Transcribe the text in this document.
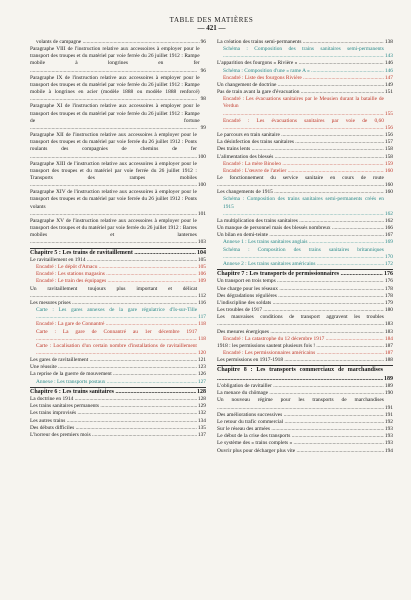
TABLE DES MATIÈRES
— 421 —
volants de campagne .....	96
Paragraphe VIII de l'instruction relative aux accessoires à employer pour le transport des troupes et du matériel par voie ferrée du 26 juillet 1912 : Rampe mobile à longrines en fer .....
96
Paragraphe IX de l'instruction relative aux accessoires à employer pour le transport des troupes et du matériel par voie ferrée du 26 juillet 1912 : Rampe mobile à longrines en acier (modèle 1888 ou modèle 1888 renforcé) .....
98
Paragraphe XI de l'instruction relative aux accessoires à employer pour le transport des troupes et du matériel par voie ferrée du 26 juillet 1912 : Rampe de fortune .....
99
Paragraphe XII de l'instruction relative aux accessoires à employer pour le transport des troupes et du matériel par voie ferrée du 26 juillet 1912 : Ponts roulants des compagnies de chemins de fer .....
100
Paragraphe XIII de l'instruction relative aux accessoires à employer pour le transport des troupes et du matériel par voie ferrée du 26 juillet 1912 : Transports des rampes mobiles .....
100
Paragraphe XIV de l'instruction relative aux accessoires à employer pour le transport des troupes et du matériel par voie ferrée du 26 juillet 1912 : Ponts volants .....
101
Paragraphe XV de l'instruction relative aux accessoires à employer pour le transport des troupes et du matériel par voie ferrée du 26 juillet 1912 : Barres mobiles et lanternes .....
103
Chapitre 5 : Les trains de ravitaillement .....	104
Le ravitaillement en 1914 .....	105
Encadré : Le dépôt d'Amacu .....	105
Encadré : Les stations magasins .....	106
Encadré : Le train des équipages .....	109
Un ravitaillement toujours plus important et délicat .....
112
Les mesures prises .....	116
Carte : Les gares annexes de la gare régulatrice d'Is-sur-Tille .....
117
Encadré : La gare de Connantré .....	118
Carte : La gare de Connantré au 1er décembre 1917 .....
118
Carte : Localisation d'un certain nombre d'installations de ravitaillement .....
120
Les gares de ravitaillement .....	121
Une réussite .....	123
La reprise de la guerre de mouvement .....	126
Annexe : Les transports postaux .....	127
Chapitre 6 : Les trains sanitaires .....	128
La doctrine en 1914 .....	128
Les trains sanitaires permanents .....	129
Les trains improvisés .....	132
Les autres trains .....	134
Des débuts difficiles .....	135
L'horreur des premiers mois .....	137
La création des trains semi-permanents .....	138
Schéma : Composition des trains sanitaires semi-permanents .....
143
L'apparition des fourgons « Rivière » .....	146
Schéma : Composition d'une « rame A » .....	146
Encadré : Liste des fourgons Rivière .....	147
Un changement de doctrine .....	149
Pas de train avant la gare d'évacuation .....	151
Encadré : Les évacuations sanitaires par le Meusien durant la bataille de Verdun .....
155
Encadré : Les évacuations sanitaires par voie de 0,60 .....
156
Le parcours en train sanitaire .....	156
La désinfection des trains sanitaires .....	157
Des trains lents .....	158
L'alimentation des blessés .....	158
Encadré : La mère Binoleo .....	159
Encadré : L'œuvre de l'atelier .....	160
Le fonctionnement du service sanitaire en cours de route .....
160
Les changements de 1915 .....	160
Schéma : Composition des trains sanitaires semi-permanents créés en 1915 .....
162
La multiplication des trains sanitaires .....	162
Un manque de personnel mais des blessés nombreux .....	166
Un bilan en demi-teinte .....	167
Annexe 1 : Les trains sanitaires anglais .....	169
Schéma : Composition des trains sanitaires britanniques .....
170
Annexe 2 : Les trains sanitaires américains .....	172
Chapitre 7 : Les transports de permissionnaires .....	176
Un transport en trois temps .....	176
Une charge pour les réseaux .....	178
Des dégradations régulières .....	178
L'indiscipline des soldats .....	179
Les troubles de 1917 .....	180
Les mauvaises conditions de transport aggravent les troubles .....
183
Des mesures énergiques .....	183
Encadré : La catastrophe du 12 décembre 1917 .....	184
1918 : les permissions sautent plusieurs fois ! .....	187
Encadré : Les permissionnaires américains .....	187
Les permissions en 1917-1918 .....	188
Chapitre 8 : Les transports commerciaux de marchandises .....
189
L'obligation de ravitailler .....	189
La menace du chômage .....	190
Un nouveau régime pour les transports de marchandises .....
191
Des améliorations successives .....	191
Le retour du trafic commercial .....	192
Sur le réseau des armées .....	193
Le début de la crise des transports .....	193
Le système des « trains complets » .....	193
Ouvrir plus pour décharger plus vite .....	194
